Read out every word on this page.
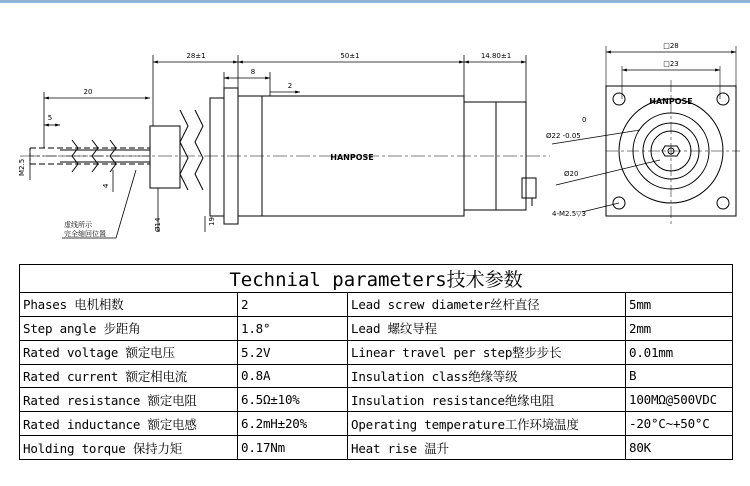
28±1	50±1	14.80±1
8
2
20
5
M2.5
4
Ø14	19
虚线所示
完全缩回位置
HANPOSE
□28
□23
HANPOSE
0
Ø22 -0.05
Ø20
4-M2.5▽3
Technial parameters技术参数			
Phases 电机相数	2	Lead screw diameter丝杆直径	5mm
Step angle 步距角	1.8°	Lead 螺纹导程	2mm
Rated voltage 额定电压	5.2V	Linear travel per step整步步长	0.01mm
Rated current 额定相电流	0.8A	Insulation class绝缘等级	B
Rated resistance 额定电阻	6.5Ω±10%	Insulation resistance绝缘电阻	100MΩ@500VDC
Rated inductance 额定电感	6.2mH±20%	Operating temperature工作环境温度	-20°C~+50°C
Holding torque 保持力矩	0.17Nm	Heat rise 温升	80K
